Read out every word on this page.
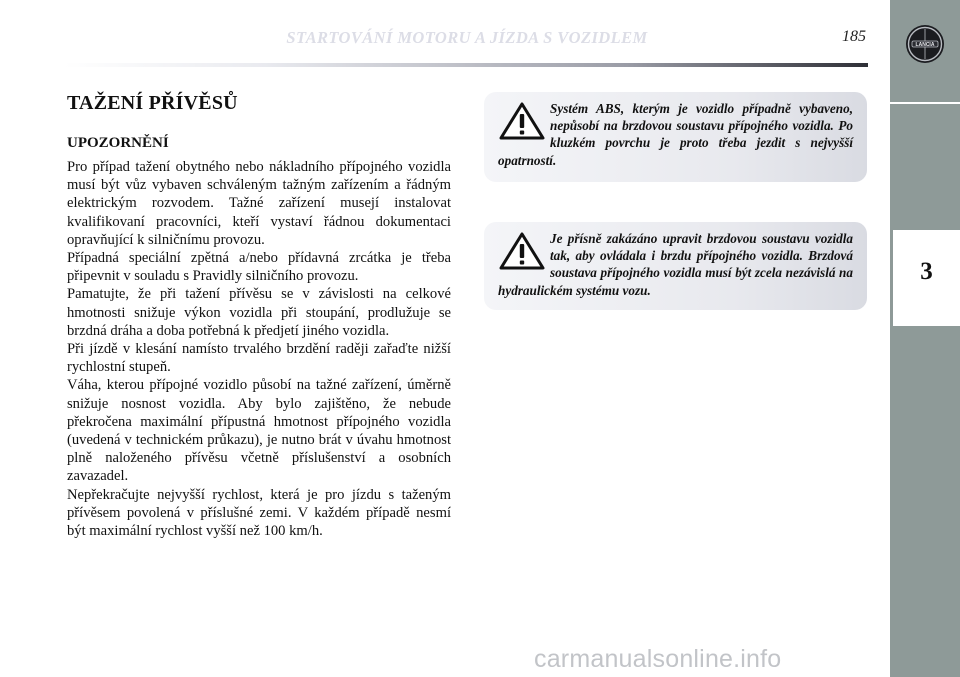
3
LANCIA
STARTOVÁNÍ MOTORU A JÍZDA S VOZIDLEM	185
TAŽENÍ PŘÍVĚSŮ
UPOZORNĚNÍ

Pro případ tažení obytného nebo nákladního přípojného vozidla musí být vůz vybaven schváleným tažným zařízením a řádným elektrickým rozvodem. Tažné zařízení musejí instalovat kvalifikovaní pracovníci, kteří vystaví řádnou dokumentaci opravňující k silničnímu provozu.

Případná speciální zpětná a/nebo přídavná zrcátka je třeba připevnit v souladu s Pravidly silničního provozu.

Pamatujte, že při tažení přívěsu se v závislosti na celkové hmotnosti snižuje výkon vozidla při stoupání, prodlužuje se brzdná dráha a doba potřebná k předjetí jiného vozidla.

Při jízdě v klesání namísto trvalého brzdění raději zařaďte nižší rychlostní stupeň.

Váha, kterou přípojné vozidlo působí na tažné zařízení, úměrně snižuje nosnost vozidla. Aby bylo zajištěno, že nebude překročena maximální přípustná hmotnost přípojného vozidla (uvedená v technickém průkazu), je nutno brát v úvahu hmotnost plně naloženého přívěsu včetně příslušenství a osobních zavazadel.

Nepřekračujte nejvyšší rychlost, která je pro jízdu s taženým přívěsem povolená v příslušné zemi. V každém případě nesmí být maximální rychlost vyšší než 100 km/h.

Systém ABS, kterým je vozidlo případně vybaveno, nepůsobí na brzdovou soustavu přípojného vozidla. Po kluzkém povrchu je proto třeba jezdit s nejvyšší opatrností.

Je přísně zakázáno upravit brzdovou soustavu vozidla tak, aby ovládala i brzdu přípojného vozidla. Brzdová soustava přípojného vozidla musí být zcela nezávislá na hydraulickém systému vozu.

carmanualsonline.info
